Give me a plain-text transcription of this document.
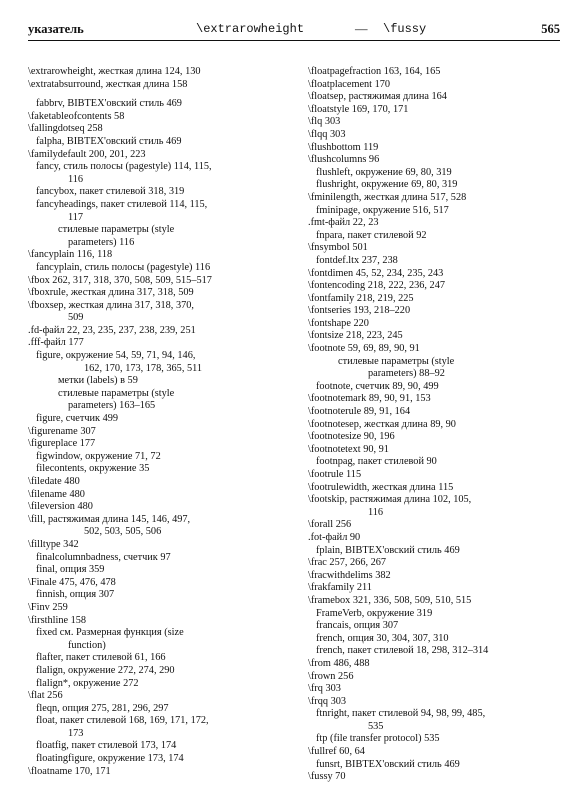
указатель	\extrarowheight	— \fussy	565
\extrarowheight, жесткая длина 124, 130
\extratabsurround, жесткая длина 158
fabbrv, BIBTEX'овский стиль 469
\faketableofcontents 58
\fallingdotseq 258
falpha, BIBTEX'овский стиль 469
\familydefault 200, 201, 223
fancy, стиль полосы (pagestyle) 114, 115,
116
fancybox, пакет стилевой 318, 319
fancyheadings, пакет стилевой 114, 115,
117
стилевые параметры (style
parameters) 116
\fancyplain 116, 118
fancyplain, стиль полосы (pagestyle) 116
\fbox 262, 317, 318, 370, 508, 509, 515–517
\fboxrule, жесткая длина 317, 318, 509
\fboxsep, жесткая длина 317, 318, 370,
509
.fd-файл 22, 23, 235, 237, 238, 239, 251
.fff-файл 177
figure, окружение 54, 59, 71, 94, 146,
162, 170, 173, 178, 365, 511
метки (labels) в 59
стилевые параметры (style
parameters) 163–165
figure, счетчик 499
\figurename 307
\figureplace 177
figwindow, окружение 71, 72
filecontents, окружение 35
\filedate 480
\filename 480
\fileversion 480
\fill, растяжимая длина 145, 146, 497,
502, 503, 505, 506
\filltype 342
finalcolumnbadness, счетчик 97
final, опция 359
\Finale 475, 476, 478
finnish, опция 307
\Finv 259
\firsthline 158
fixed см. Размерная функция (size
function)
flafter, пакет стилевой 61, 166
flalign, окружение 272, 274, 290
flalign*, окружение 272
\flat 256
fleqn, опция 275, 281, 296, 297
float, пакет стилевой 168, 169, 171, 172,
173
floatfig, пакет стилевой 173, 174
floatingfigure, окружение 173, 174
\floatname 170, 171
\floatpagefraction 163, 164, 165
\floatplacement 170
\floatsep, растяжимая длина 164
\floatstyle 169, 170, 171
\flq 303
\flqq 303
\flushbottom 119
\flushcolumns 96
flushleft, окружение 69, 80, 319
flushright, окружение 69, 80, 319
\fminilength, жесткая длина 517, 528
fminipage, окружение 516, 517
.fmt-файл 22, 23
fnpara, пакет стилевой 92
\fnsymbol 501
fontdef.ltx 237, 238
\fontdimen 45, 52, 234, 235, 243
\fontencoding 218, 222, 236, 247
\fontfamily 218, 219, 225
\fontseries 193, 218–220
\fontshape 220
\fontsize 218, 223, 245
\footnote 59, 69, 89, 90, 91
стилевые параметры (style
parameters) 88–92
footnote, счетчик 89, 90, 499
\footnotemark 89, 90, 91, 153
\footnoterule 89, 91, 164
\footnotesep, жесткая длина 89, 90
\footnotesize 90, 196
\footnotetext 90, 91
footnpag, пакет стилевой 90
\footrule 115
\footrulewidth, жесткая длина 115
\footskip, растяжимая длина 102, 105,
116
\forall 256
.fot-файл 90
fplain, BIBTEX'овский стиль 469
\frac 257, 266, 267
\fracwithdelims 382
\frakfamily 211
\framebox 321, 336, 508, 509, 510, 515
FrameVerb, окружение 319
francais, опция 307
french, опция 30, 304, 307, 310
french, пакет стилевой 18, 298, 312–314
\from 486, 488
\frown 256
\frq 303
\frqq 303
ftnright, пакет стилевой 94, 98, 99, 485,
535
ftp (file transfer protocol) 535
\fullref 60, 64
funsrt, BIBTEX'овский стиль 469
\fussy 70
